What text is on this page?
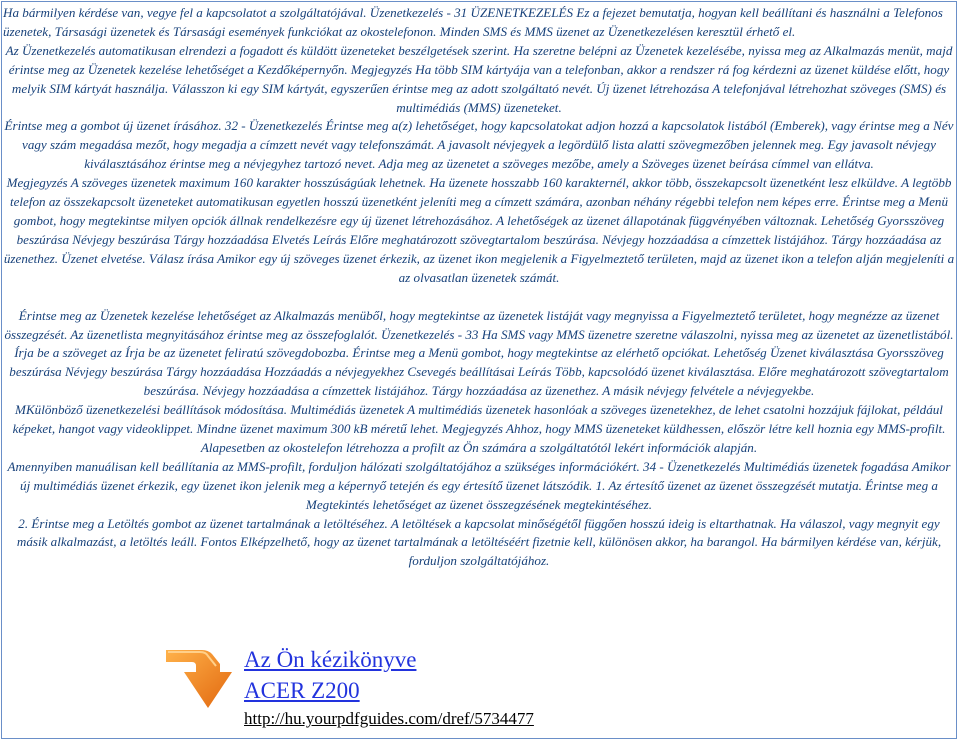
Ha bármilyen kérdése van, vegye fel a kapcsolatot a szolgáltatójával. Üzenetkezelés - 31 ÜZENETKEZELÉS Ez a fejezet bemutatja, hogyan kell beállítani és használni a Telefonos üzenetek, Társasági üzenetek és Társasági események funkciókat az okostelefonon. Minden SMS és MMS üzenet az Üzenetkezelésen keresztül érhető el.

Az Üzenetkezelés automatikusan elrendezi a fogadott és küldött üzeneteket beszélgetések szerint. Ha szeretne belépni az Üzenetek kezelésébe, nyissa meg az Alkalmazás menüt, majd érintse meg az Üzenetek kezelése lehetőséget a Kezdőképernyőn. Megjegyzés Ha több SIM kártyája van a telefonban, akkor a rendszer rá fog kérdezni az üzenet küldése előtt, hogy melyik SIM kártyát használja. Válasszon ki egy SIM kártyát, egyszerűen érintse meg az adott szolgáltató nevét. Új üzenet létrehozása A telefonjával létrehozhat szöveges (SMS) és multimédiás (MMS) üzeneteket.

Érintse meg a gombot új üzenet írásához. 32 - Üzenetkezelés Érintse meg a(z) lehetőséget, hogy kapcsolatokat adjon hozzá a kapcsolatok listából (Emberek), vagy érintse meg a Név vagy szám megadása mezőt, hogy megadja a címzett nevét vagy telefonszámát. A javasolt névjegyek a legördülő lista alatti szövegmezőben jelennek meg. Egy javasolt névjegy kiválasztásához érintse meg a névjegyhez tartozó nevet. Adja meg az üzenetet a szöveges mezőbe, amely a Szöveges üzenet beírása címmel van ellátva.

Megjegyzés A szöveges üzenetek maximum 160 karakter hosszúságúak lehetnek. Ha üzenete hosszabb 160 karakternél, akkor több, összekapcsolt üzenetként lesz elküldve. A legtöbb telefon az összekapcsolt üzeneteket automatikusan egyetlen hosszú üzenetként jeleníti meg a címzett számára, azonban néhány régebbi telefon nem képes erre. Érintse meg a Menü gombot, hogy megtekintse milyen opciók állnak rendelkezésre egy új üzenet létrehozásához. A lehetőségek az üzenet állapotának függvényében változnak. Lehetőség Gyorsszöveg beszúrása Névjegy beszúrása Tárgy hozzáadása Elvetés Leírás Előre meghatározott szövegtartalom beszúrása. Névjegy hozzáadása a címzettek listájához. Tárgy hozzáadása az üzenethez. Üzenet elvetése. Válasz írása Amikor egy új szöveges üzenet érkezik, az üzenet ikon megjelenik a Figyelmeztető területen, majd az üzenet ikon a telefon alján megjeleníti a az olvasatlan üzenetek számát.

Érintse meg az Üzenetek kezelése lehetőséget az Alkalmazás menüből, hogy megtekintse az üzenetek listáját vagy megnyissa a Figyelmeztető területet, hogy megnézze az üzenet összegzését. Az üzenetlista megnyitásához érintse meg az összefoglalót. Üzenetkezelés - 33 Ha SMS vagy MMS üzenetre szeretne válaszolni, nyissa meg az üzenetet az üzenetlistából. Írja be a szöveget az Írja be az üzenetet feliratú szövegdobozba. Érintse meg a Menü gombot, hogy megtekintse az elérhető opciókat. Lehetőség Üzenet kiválasztása Gyorsszöveg beszúrása Névjegy beszúrása Tárgy hozzáadása Hozzáadás a névjegyekhez Csevegés beállításai Leírás Több, kapcsolódó üzenet kiválasztása. Előre meghatározott szövegtartalom beszúrása. Névjegy hozzáadása a címzettek listájához. Tárgy hozzáadása az üzenethez. A másik névjegy felvétele a névjegyekbe.

MKülönböző üzenetkezelési beállítások módosítása. Multimédiás üzenetek A multimédiás üzenetek hasonlóak a szöveges üzenetekhez, de lehet csatolni hozzájuk fájlokat, például képeket, hangot vagy videoklippet. Mindne üzenet maximum 300 kB méretű lehet. Megjegyzés Ahhoz, hogy MMS üzeneteket küldhessen, először létre kell hoznia egy MMS-profilt. Alapesetben az okostelefon létrehozza a profilt az Ön számára a szolgáltatótól lekért információk alapján.

Amennyiben manuálisan kell beállítania az MMS-profilt, forduljon hálózati szolgáltatójához a szükséges információkért. 34 - Üzenetkezelés Multimédiás üzenetek fogadása Amikor új multimédiás üzenet érkezik, egy üzenet ikon jelenik meg a képernyő tetején és egy értesítő üzenet látszódik. 1. Az értesítő üzenet az üzenet összegzését mutatja. Érintse meg a Megtekintés lehetőséget az üzenet összegzésének megtekintéséhez.

2. Érintse meg a Letöltés gombot az üzenet tartalmának a letöltéséhez. A letöltések a kapcsolat minőségétől függően hosszú ideig is eltarthatnak. Ha válaszol, vagy megnyit egy másik alkalmazást, a letöltés leáll. Fontos Elképzelhető, hogy az üzenet tartalmának a letöltéséért fizetnie kell, különösen akkor, ha barangol. Ha bármilyen kérdése van, kérjük, forduljon szolgáltatójához.

Az Ön kézikönyve
ACER Z200
http://hu.yourpdfguides.com/dref/5734477
